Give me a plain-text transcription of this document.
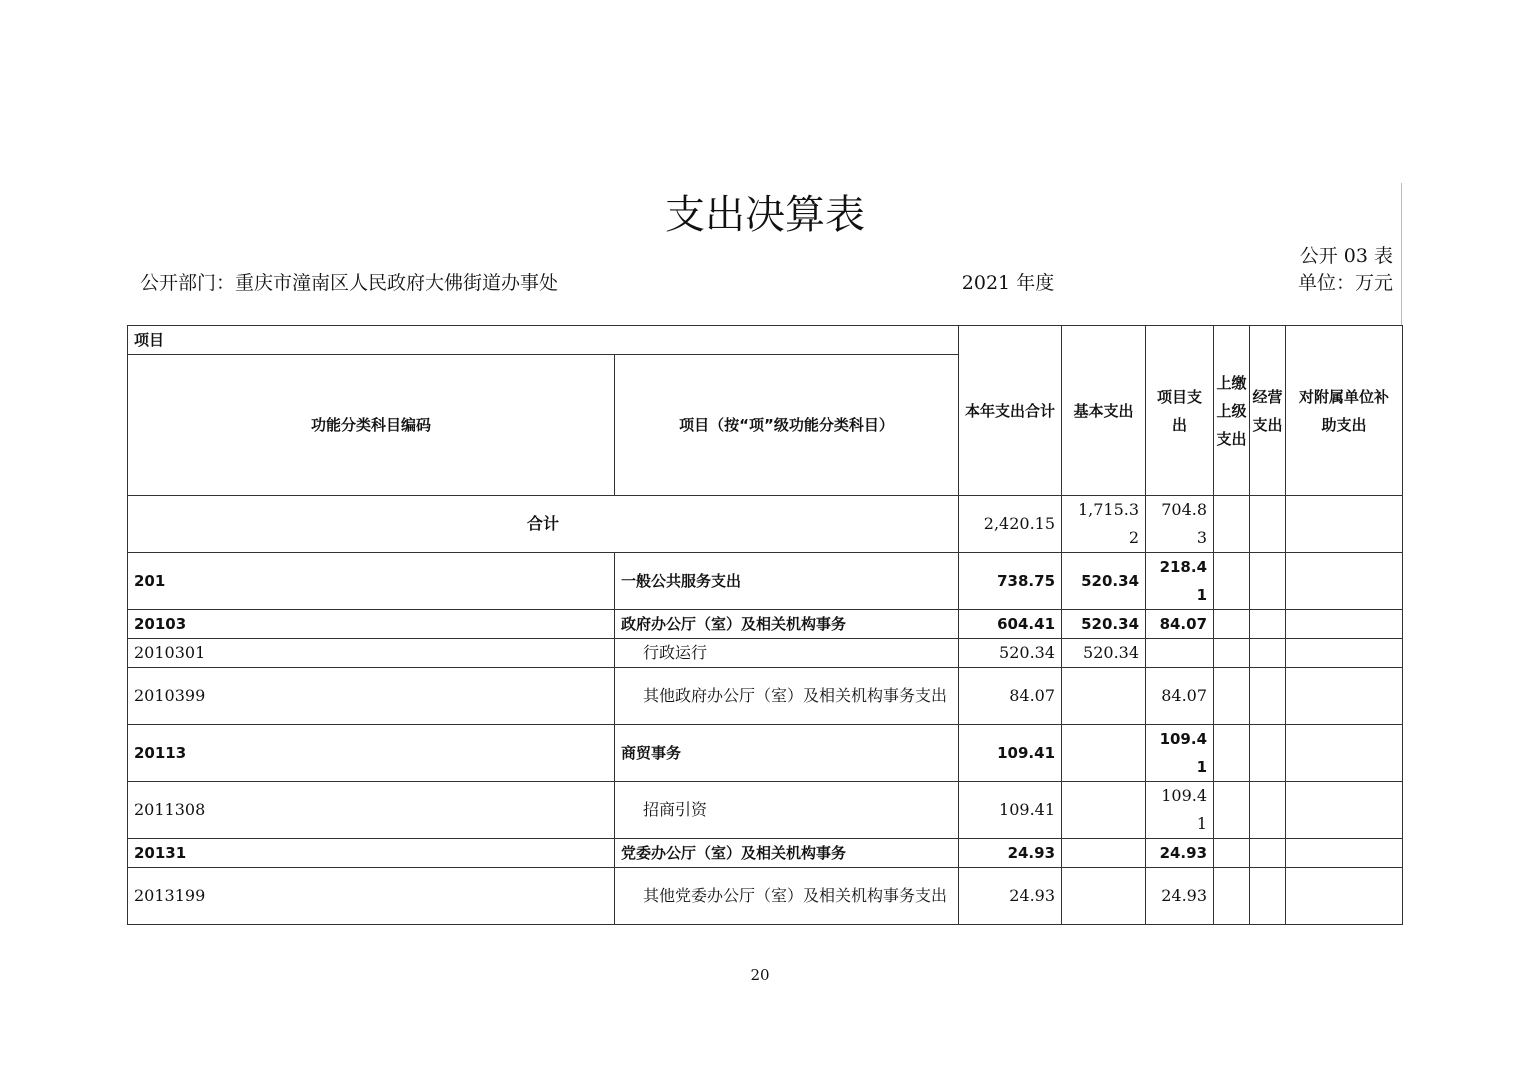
支出决算表
公开 03 表
公开部门：重庆市潼南区人民政府大佛街道办事处	2021 年度	单位：万元
项目		本年支出合计	基本支出	项目支出	上缴上级支出	经营支出	对附属单位补助支出
功能分类科目编码	项目（按“项”级功能分类科目）						
合计		2,420.15	1,715.32	704.83			
201	一般公共服务支出	738.75	520.34	218.41			
20103	政府办公厅（室）及相关机构事务	604.41	520.34	84.07			
2010301	行政运行	520.34	520.34				
2010399	其他政府办公厅（室）及相关机构事务支出	84.07		84.07			
20113	商贸事务	109.41		109.41			
2011308	招商引资	109.41		109.41			
20131	党委办公厅（室）及相关机构事务	24.93		24.93			
2013199	其他党委办公厅（室）及相关机构事务支出	24.93		24.93			
20
